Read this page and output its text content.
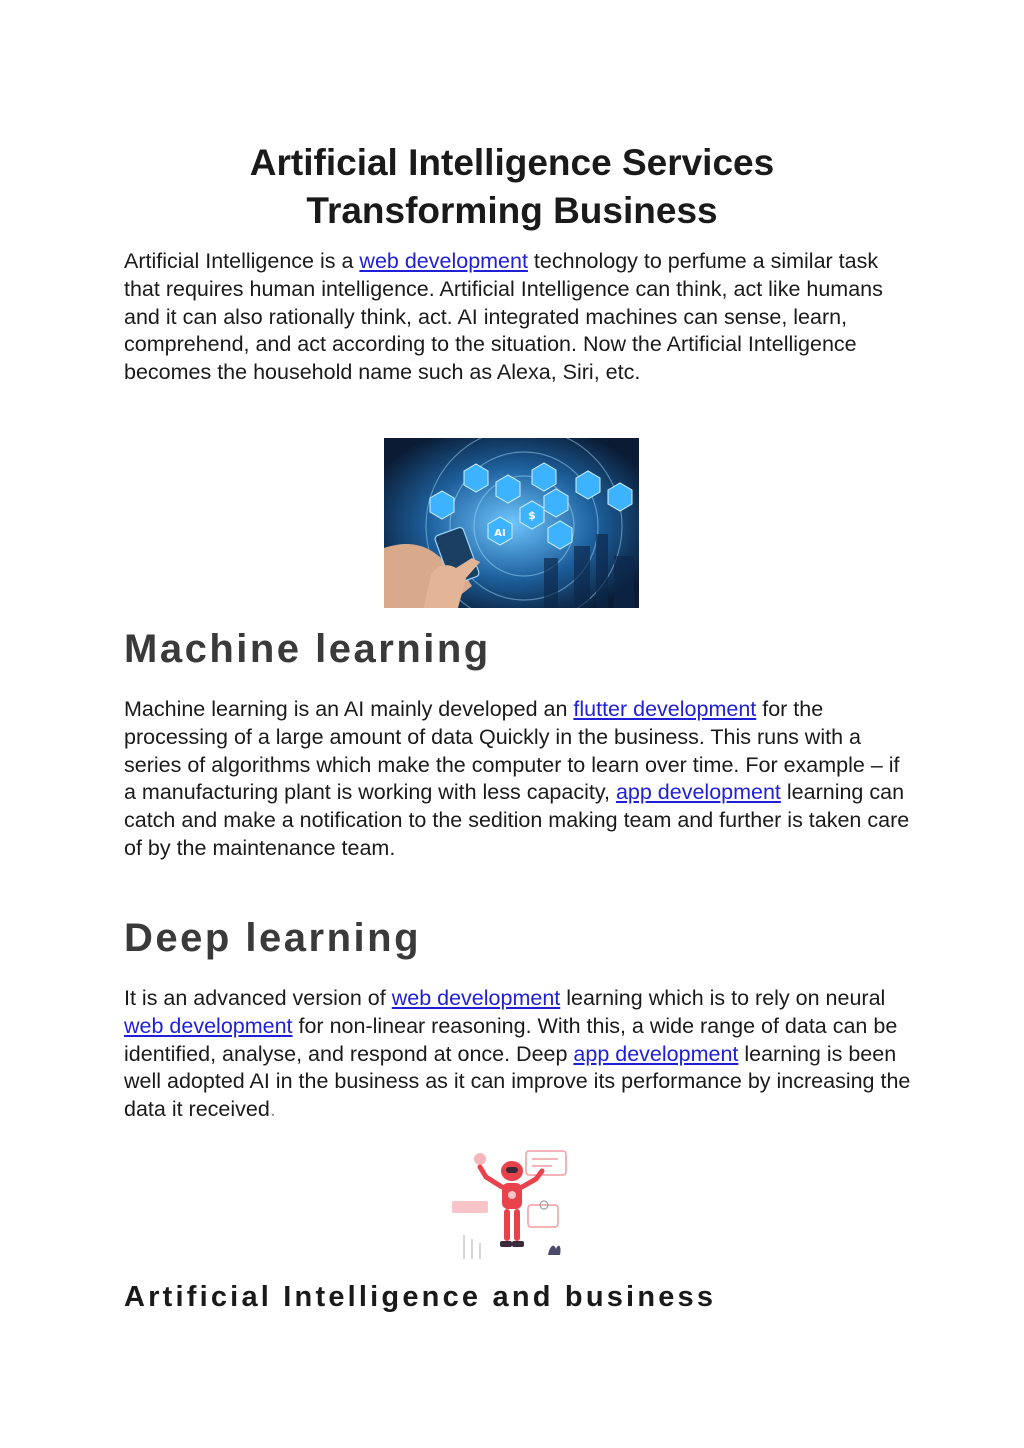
Artificial Intelligence Services
Transforming Business

Artificial Intelligence is a web development technology to perfume a similar task that requires human intelligence. Artificial Intelligence can think, act like humans and it can also rationally think, act. AI integrated machines can sense, learn, comprehend, and act according to the situation. Now the Artificial Intelligence becomes the household name such as Alexa, Siri, etc.

AI
$
Machine learning

Machine learning is an AI mainly developed an flutter development for the processing of a large amount of data Quickly in the business. This runs with a series of algorithms which make the computer to learn over time. For example – if a manufacturing plant is working with less capacity, app development learning can catch and make a notification to the sedition making team and further is taken care of by the maintenance team.

Deep learning

It is an advanced version of web development learning which is to rely on neural web development for non-linear reasoning. With this, a wide range of data can be identified, analyse, and respond at once. Deep app development learning is been well adopted AI in the business as it can improve its performance by increasing the data it received.

Artificial Intelligence and business
